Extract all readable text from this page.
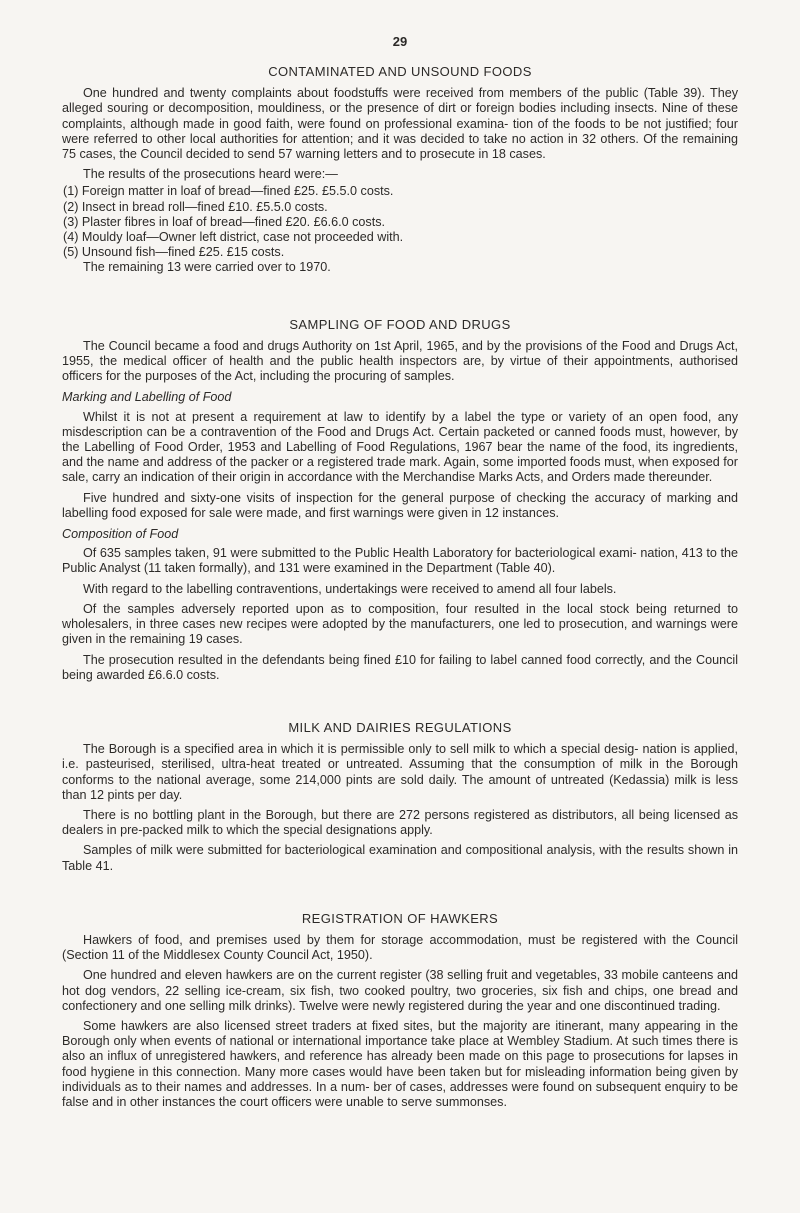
29
CONTAMINATED AND UNSOUND FOODS

One hundred and twenty complaints about foodstuffs were received from members of the public (Table 39). They alleged souring or decomposition, mouldiness, or the presence of dirt or foreign bodies including insects. Nine of these complaints, although made in good faith, were found on professional examina- tion of the foods to be not justified; four were referred to other local authorities for attention; and it was decided to take no action in 32 others. Of the remaining 75 cases, the Council decided to send 57 warning letters and to prosecute in 18 cases.

The results of the prosecutions heard were:—

(1) Foreign matter in loaf of bread—fined £25. £5.5.0 costs.
(2) Insect in bread roll—fined £10. £5.5.0 costs.
(3) Plaster fibres in loaf of bread—fined £20. £6.6.0 costs.
(4) Mouldy loaf—Owner left district, case not proceeded with.
(5) Unsound fish—fined £25. £15 costs.

The remaining 13 were carried over to 1970.

SAMPLING OF FOOD AND DRUGS

The Council became a food and drugs Authority on 1st April, 1965, and by the provisions of the Food and Drugs Act, 1955, the medical officer of health and the public health inspectors are, by virtue of their appointments, authorised officers for the purposes of the Act, including the procuring of samples.

Marking and Labelling of Food

Whilst it is not at present a requirement at law to identify by a label the type or variety of an open food, any misdescription can be a contravention of the Food and Drugs Act. Certain packeted or canned foods must, however, by the Labelling of Food Order, 1953 and Labelling of Food Regulations, 1967 bear the name of the food, its ingredients, and the name and address of the packer or a registered trade mark. Again, some imported foods must, when exposed for sale, carry an indication of their origin in accordance with the Merchandise Marks Acts, and Orders made thereunder.

Five hundred and sixty-one visits of inspection for the general purpose of checking the accuracy of marking and labelling food exposed for sale were made, and first warnings were given in 12 instances.

Composition of Food

Of 635 samples taken, 91 were submitted to the Public Health Laboratory for bacteriological exami- nation, 413 to the Public Analyst (11 taken formally), and 131 were examined in the Department (Table 40).

With regard to the labelling contraventions, undertakings were received to amend all four labels.

Of the samples adversely reported upon as to composition, four resulted in the local stock being returned to wholesalers, in three cases new recipes were adopted by the manufacturers, one led to prosecution, and warnings were given in the remaining 19 cases.

The prosecution resulted in the defendants being fined £10 for failing to label canned food correctly, and the Council being awarded £6.6.0 costs.

MILK AND DAIRIES REGULATIONS

The Borough is a specified area in which it is permissible only to sell milk to which a special desig- nation is applied, i.e. pasteurised, sterilised, ultra-heat treated or untreated. Assuming that the consumption of milk in the Borough conforms to the national average, some 214,000 pints are sold daily. The amount of untreated (Kedassia) milk is less than 12 pints per day.

There is no bottling plant in the Borough, but there are 272 persons registered as distributors, all being licensed as dealers in pre-packed milk to which the special designations apply.

Samples of milk were submitted for bacteriological examination and compositional analysis, with the results shown in Table 41.

REGISTRATION OF HAWKERS

Hawkers of food, and premises used by them for storage accommodation, must be registered with the Council (Section 11 of the Middlesex County Council Act, 1950).

One hundred and eleven hawkers are on the current register (38 selling fruit and vegetables, 33 mobile canteens and hot dog vendors, 22 selling ice-cream, six fish, two cooked poultry, two groceries, six fish and chips, one bread and confectionery and one selling milk drinks). Twelve were newly registered during the year and one discontinued trading.

Some hawkers are also licensed street traders at fixed sites, but the majority are itinerant, many appearing in the Borough only when events of national or international importance take place at Wembley Stadium. At such times there is also an influx of unregistered hawkers, and reference has already been made on this page to prosecutions for lapses in food hygiene in this connection. Many more cases would have been taken but for misleading information being given by individuals as to their names and addresses. In a num- ber of cases, addresses were found on subsequent enquiry to be false and in other instances the court officers were unable to serve summonses.
